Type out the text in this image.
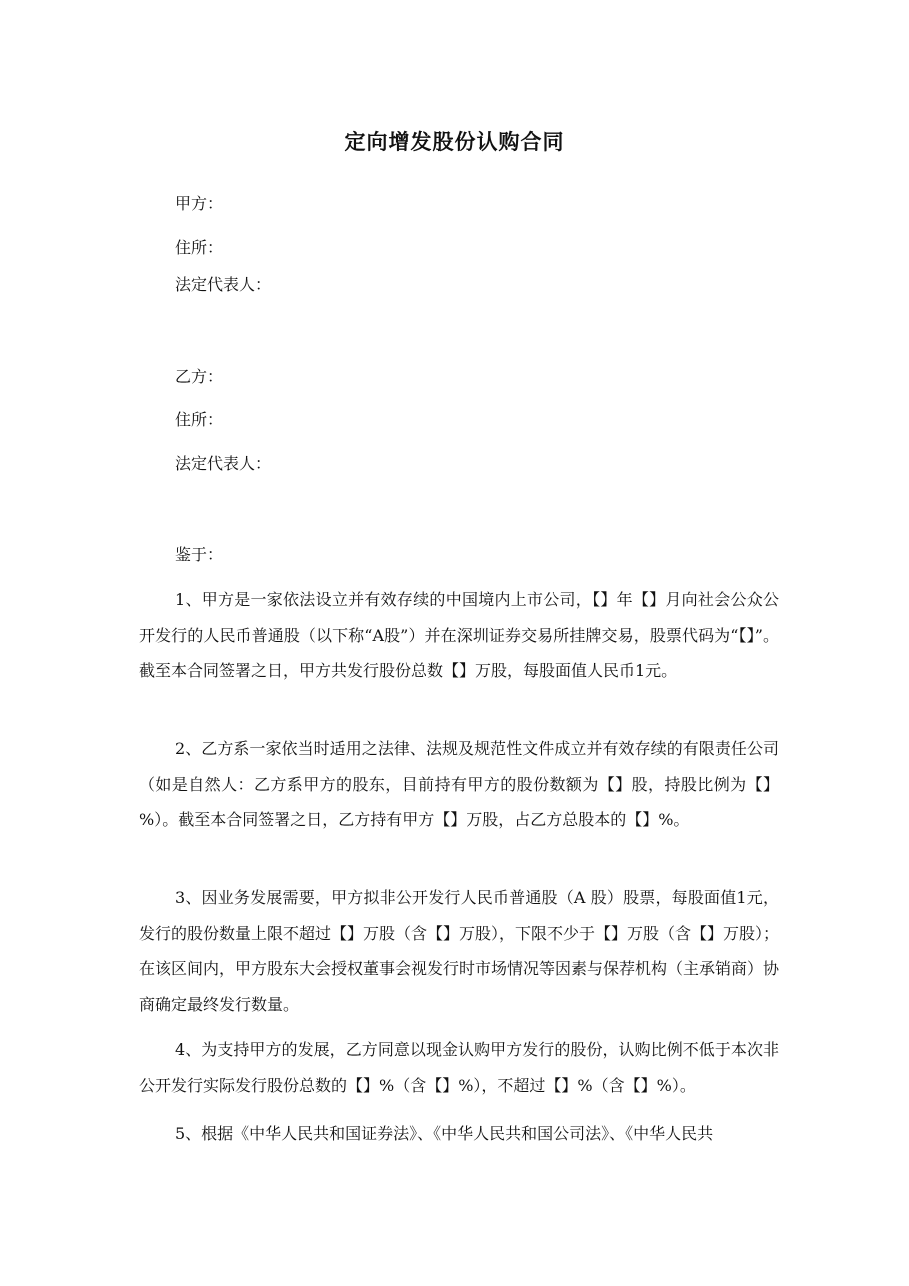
定向增发股份认购合同

甲方：

住所：

法定代表人：

乙方：

住所：

法定代表人：

鉴于：

1、甲方是一家依法设立并有效存续的中国境内上市公司，【】年【】月向社会公众公开发行的人民币普通股（以下称“A股”）并在深圳证券交易所挂牌交易，股票代码为“【】”。截至本合同签署之日，甲方共发行股份总数【】万股，每股面值人民币1元。

2、乙方系一家依当时适用之法律、法规及规范性文件成立并有效存续的有限责任公司（如是自然人：乙方系甲方的股东，目前持有甲方的股份数额为【】股，持股比例为【】%）。截至本合同签署之日，乙方持有甲方【】万股，占乙方总股本的【】%。

3、因业务发展需要，甲方拟非公开发行人民币普通股（A 股）股票，每股面值1元，发行的股份数量上限不超过【】万股（含【】万股），下限不少于【】万股（含【】万股）；在该区间内，甲方股东大会授权董事会视发行时市场情况等因素与保荐机构（主承销商）协商确定最终发行数量。

4、为支持甲方的发展，乙方同意以现金认购甲方发行的股份，认购比例不低于本次非公开发行实际发行股份总数的【】%（含【】%），不超过【】%（含【】%）。

5、根据《中华人民共和国证券法》、《中华人民共和国公司法》、《中华人民共
